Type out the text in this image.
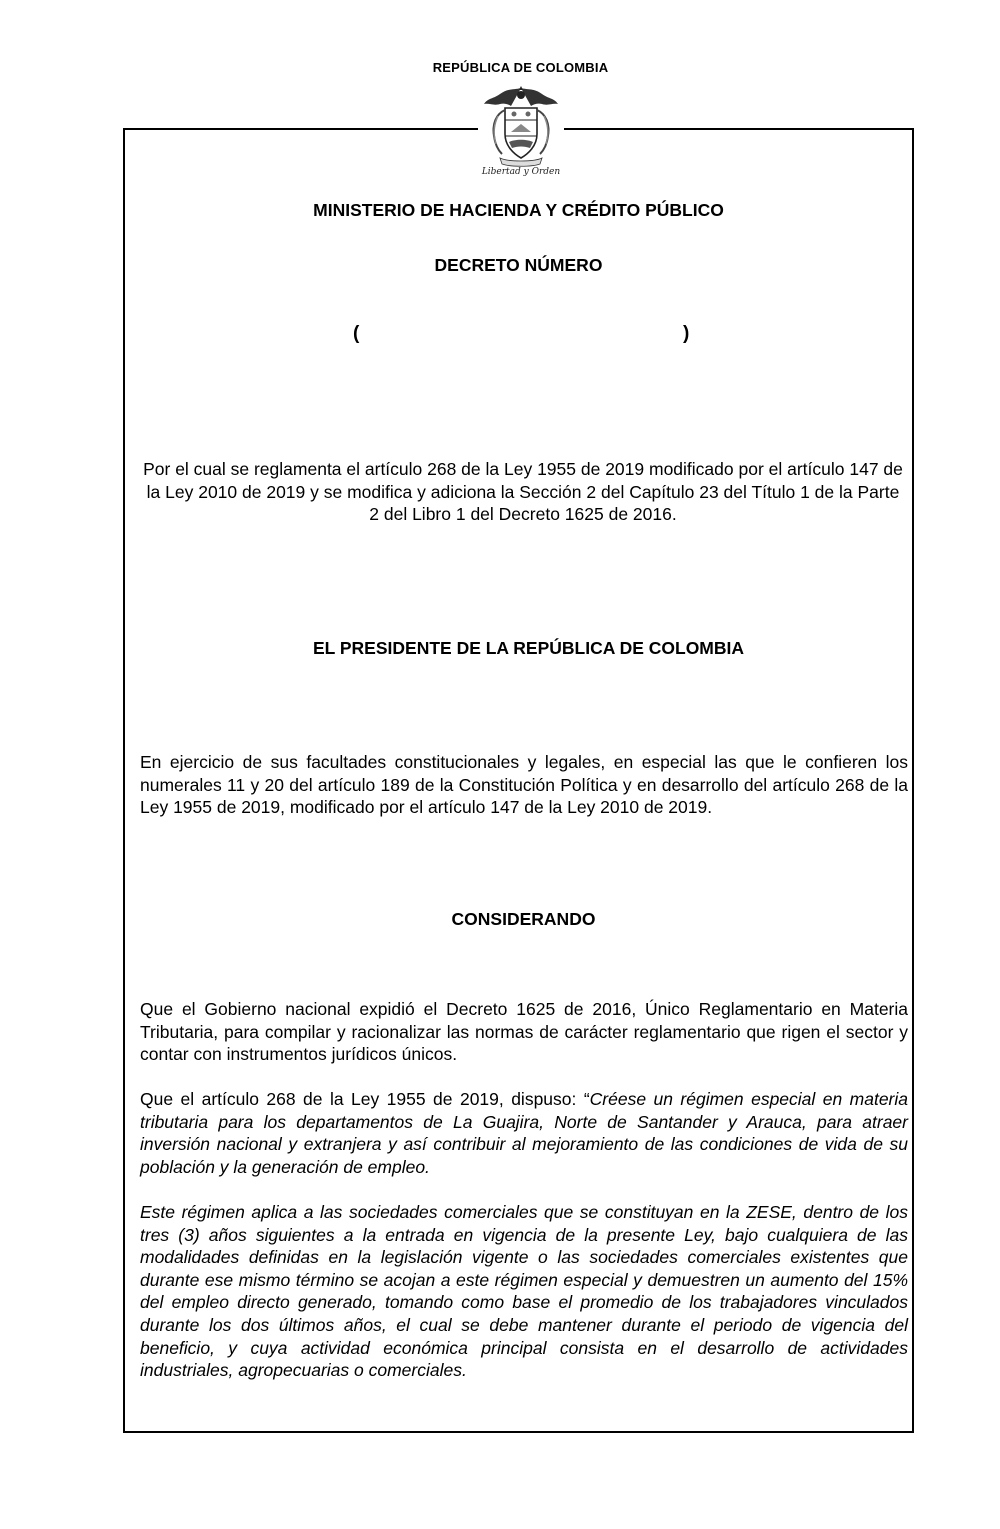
REPÚBLICA DE COLOMBIA
Libertad y Orden
MINISTERIO DE HACIENDA Y CRÉDITO PÚBLICO
DECRETO NÚMERO
(	)

Por el cual se reglamenta el artículo 268 de la Ley 1955 de 2019 modificado por el artículo 147 de la Ley 2010 de 2019 y se modifica y adiciona la Sección 2 del Capítulo 23 del Título 1 de la Parte 2 del Libro 1 del Decreto 1625 de 2016.

EL PRESIDENTE DE LA REPÚBLICA DE COLOMBIA

En ejercicio de sus facultades constitucionales y legales, en especial las que le confieren los numerales 11 y 20 del artículo 189 de la Constitución Política y en desarrollo del artículo 268 de la Ley 1955 de 2019, modificado por el artículo 147 de la Ley 2010 de 2019.

CONSIDERANDO

Que el Gobierno nacional expidió el Decreto 1625 de 2016, Único Reglamentario en Materia Tributaria, para compilar y racionalizar las normas de carácter reglamentario que rigen el sector y contar con instrumentos jurídicos únicos.

Que el artículo 268 de la Ley 1955 de 2019, dispuso: “Créese un régimen especial en materia tributaria para los departamentos de La Guajira, Norte de Santander y Arauca, para atraer inversión nacional y extranjera y así contribuir al mejoramiento de las condiciones de vida de su población y la generación de empleo.

Este régimen aplica a las sociedades comerciales que se constituyan en la ZESE, dentro de los tres (3) años siguientes a la entrada en vigencia de la presente Ley, bajo cualquiera de las modalidades definidas en la legislación vigente o las sociedades comerciales existentes que durante ese mismo término se acojan a este régimen especial y demuestren un aumento del 15% del empleo directo generado, tomando como base el promedio de los trabajadores vinculados durante los dos últimos años, el cual se debe mantener durante el periodo de vigencia del beneficio, y cuya actividad económica principal consista en el desarrollo de actividades industriales, agropecuarias o comerciales.
